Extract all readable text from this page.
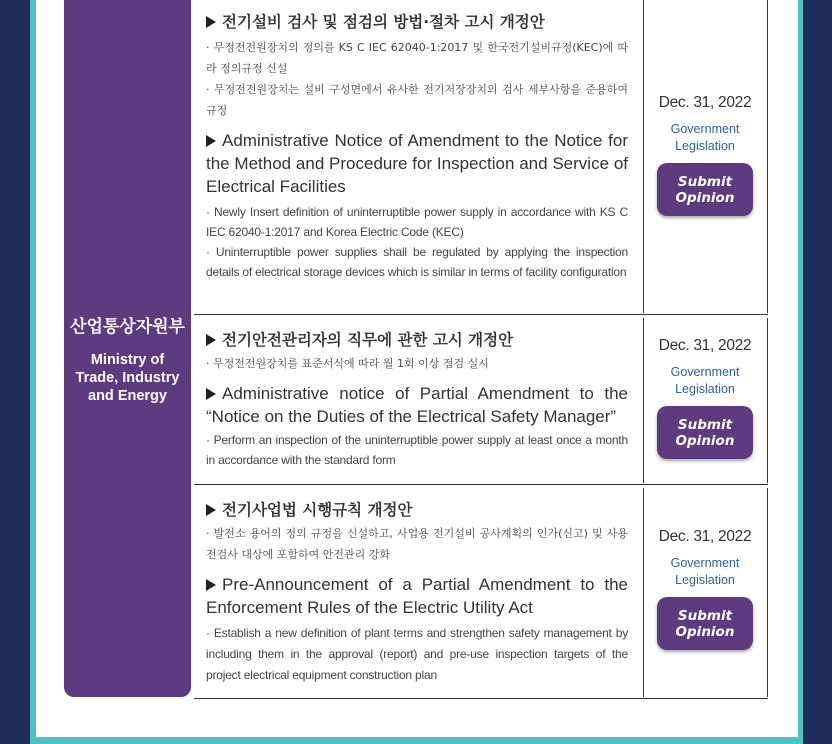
산업통상자원부
Ministry of Trade, Industry and Energy
전기설비 검사 및 점검의 방법·절차 고시 개정안
· 무정전전원장치의 정의를 KS C IEC 62040-1:2017 및 한국전기설비규정(KEC)에 따라 정의규정 신설
· 무정전전원장치는 설비 구성면에서 유사한 전기저장장치의 검사 세부사항을 준용하여 규정
Administrative Notice of Amendment to the Notice for the Method and Procedure for Inspection and Service of Electrical Facilities
· Newly Insert definition of uninterruptible power supply in accordance with KS C IEC 62040-1:2017 and Korea Electric Code (KEC)
· Uninterruptible power supplies shall be regulated by applying the inspection details of electrical storage devices which is similar in terms of facility configuration
Dec. 31, 2022
Government Legislation
Submit
Opinion
전기안전관리자의 직무에 관한 고시 개정안
· 무정전전원장치를 표준서식에 따라 월 1회 이상 점검 실시
Administrative notice of Partial Amendment to the “Notice on the Duties of the Electrical Safety Manager”
· Perform an inspection of the uninterruptible power supply at least once a month in accordance with the standard form
Dec. 31, 2022
Government Legislation
Submit
Opinion
전기사업법 시행규칙 개정안
· 발전소 용어의 정의 규정을 신설하고, 사업용 전기설비 공사계획의 인가(신고) 및 사용전검사 대상에 포함하여 안전관리 강화
Pre-Announcement of a Partial Amendment to the Enforcement Rules of the Electric Utility Act
· Establish a new definition of plant terms and strengthen safety management by including them in the approval (report) and pre-use inspection targets of the project electrical equipment construction plan
Dec. 31, 2022
Government Legislation
Submit
Opinion
